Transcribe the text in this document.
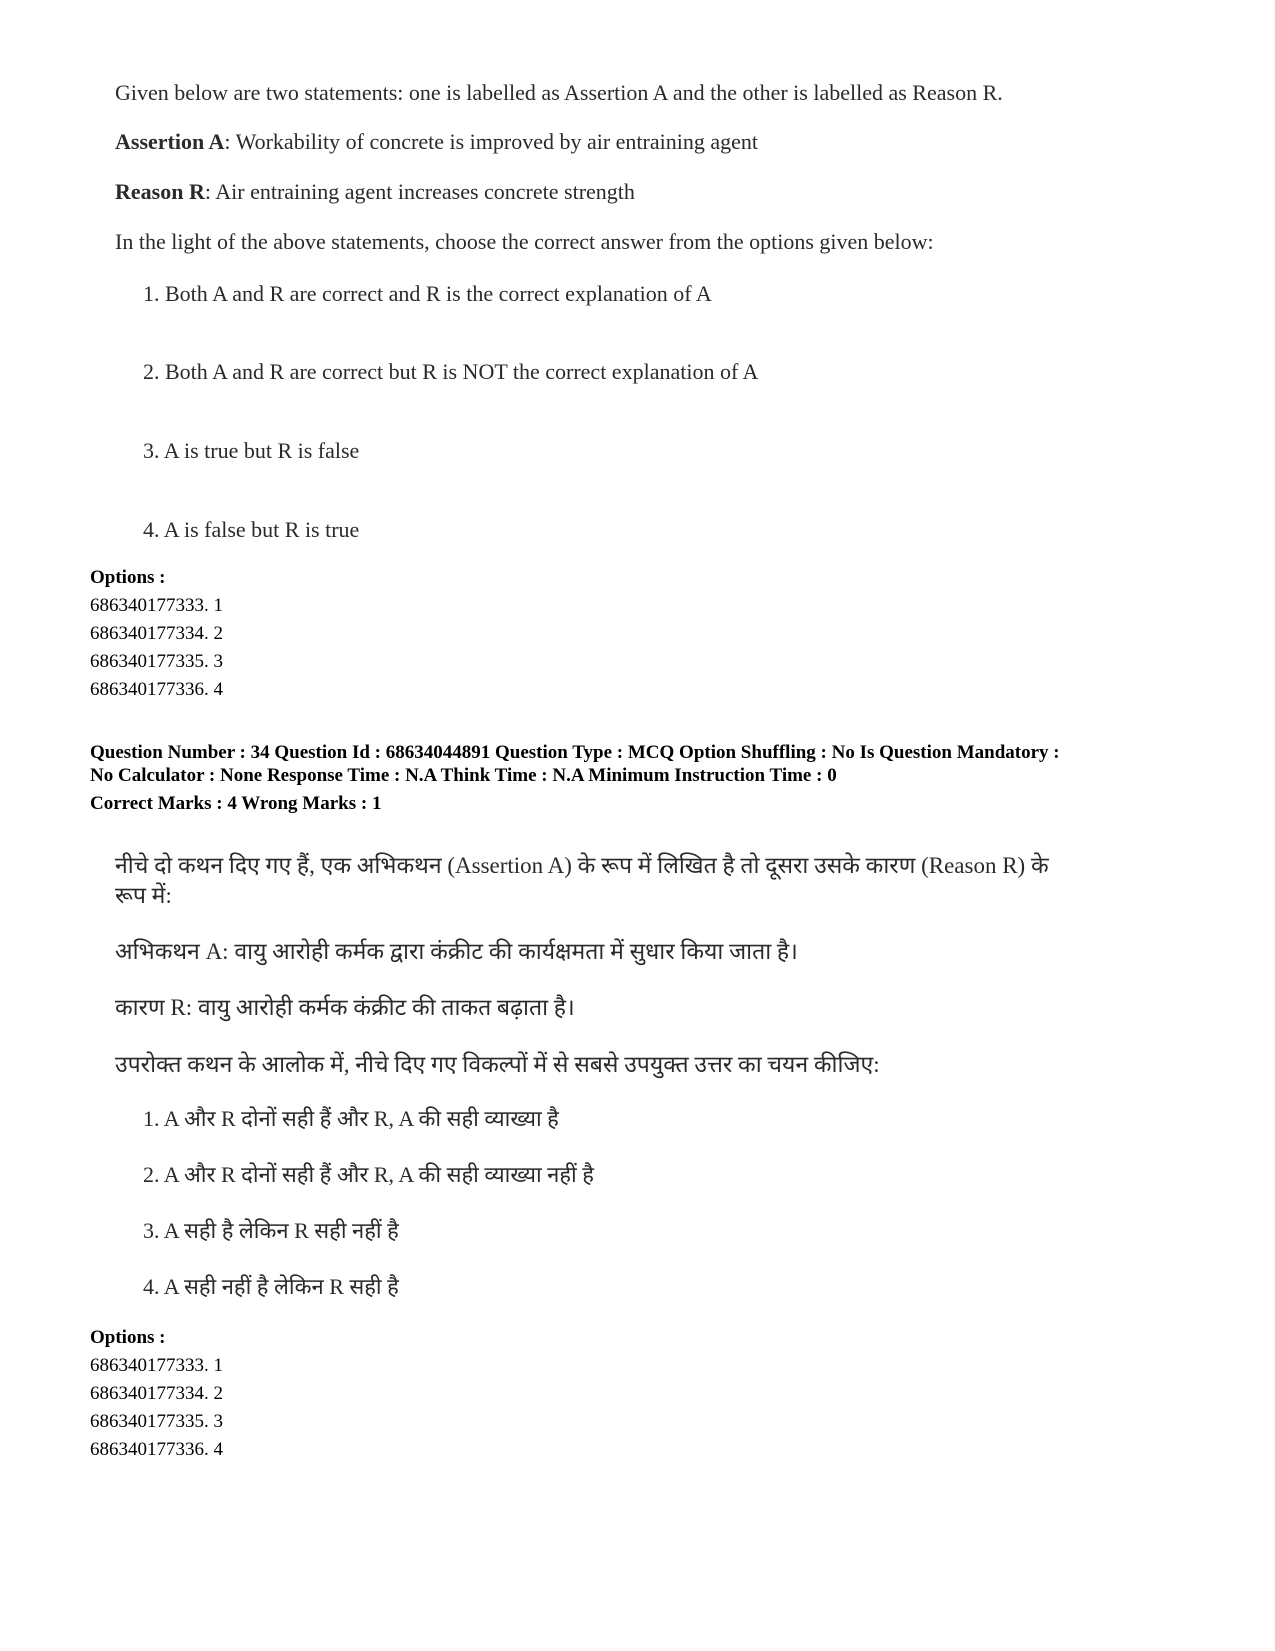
Given below are two statements: one is labelled as Assertion A and the other is labelled as Reason R.

Assertion A: Workability of concrete is improved by air entraining agent

Reason R: Air entraining agent increases concrete strength

In the light of the above statements, choose the correct answer from the options given below:

1. Both A and R are correct and R is the correct explanation of A

2. Both A and R are correct but R is NOT the correct explanation of A

3. A is true but R is false

4. A is false but R is true

Options :

686340177333. 1

686340177334. 2

686340177335. 3

686340177336. 4

Question Number : 34 Question Id : 68634044891 Question Type : MCQ Option Shuffling : No Is Question Mandatory :

No Calculator : None Response Time : N.A Think Time : N.A Minimum Instruction Time : 0

Correct Marks : 4 Wrong Marks : 1

नीचे दो कथन दिए गए हैं, एक अभिकथन (Assertion A) के रूप में लिखित है तो दूसरा उसके कारण (Reason R) के

रूप में:

अभिकथन A: वायु आरोही कर्मक द्वारा कंक्रीट की कार्यक्षमता में सुधार किया जाता है।

कारण R: वायु आरोही कर्मक कंक्रीट की ताकत बढ़ाता है।

उपरोक्त कथन के आलोक में, नीचे दिए गए विकल्पों में से सबसे उपयुक्त उत्तर का चयन कीजिए:

1. A और R दोनों सही हैं और R, A की सही व्याख्या है

2. A और R दोनों सही हैं और R, A की सही व्याख्या नहीं है

3. A सही है लेकिन R सही नहीं है

4. A सही नहीं है लेकिन R सही है

Options :

686340177333. 1

686340177334. 2

686340177335. 3

686340177336. 4
